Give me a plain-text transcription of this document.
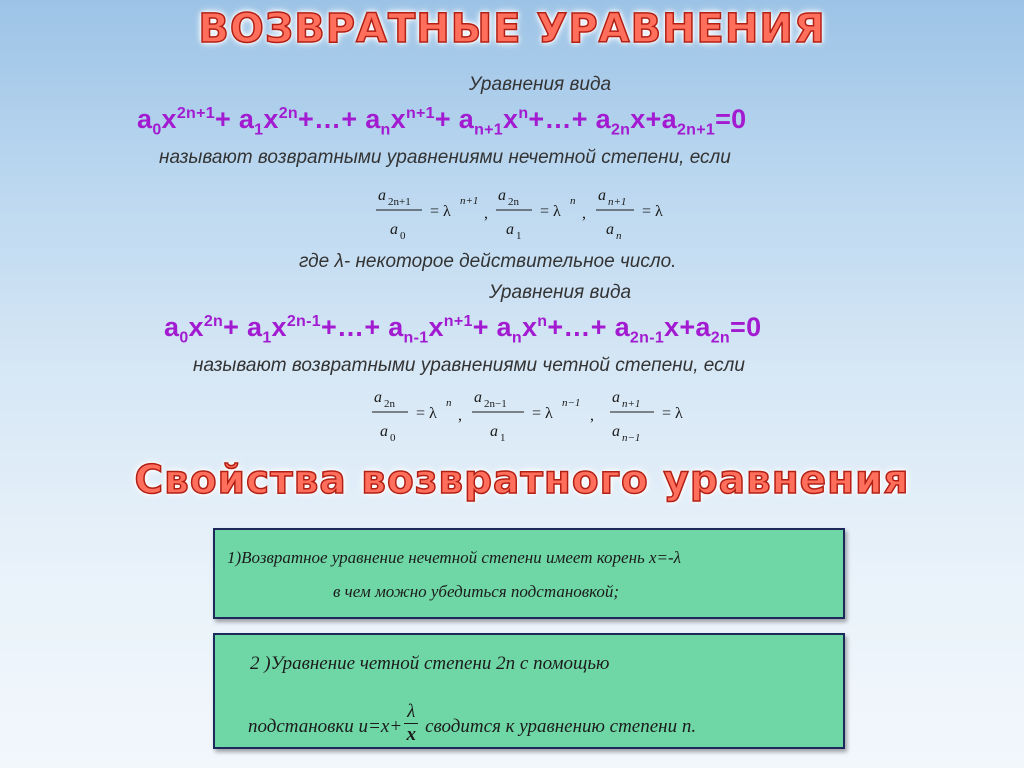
ВОЗВРАТНЫЕ УРАВНЕНИЯ
Уравнения вида
$a_0x^{2n+1}+$ $a_1x^{2n}+\dots+ a_nx^{n+1}+$ $a_{n+1}x^n+\dots+ a_{2n}x+a_{2n+1}=0$
называют возвратными уравнениями нечетной степени, если
a 2n+1
a 0
= λ
n+1
,
a 2n
a 1
= λ
n
,
a n+1
a n
= λ
где λ- некоторое действительное число.
Уравнения вида
$a_0x^{2n}+$ $a_1x^{2n-1}+\dots+ a_{n-1}x^{n+1}+$ $a_nx^n+\dots+ a_{2n-1}x+a_{2n}=0$
называют возвратными уравнениями четной степени, если
a 2n
a 0
= λ
n
,
a 2n−1
a 1
= λ
n−1
,
a n+1
a n−1
= λ
Свойства возвратного уравнения
1)Возвратное уравнение нечетной степени имеет корень x=-λ
в чем можно убедиться подстановкой;
2 )Уравнение четной степени 2n с помощью
подстановки $u=x+ \frac{\lambda}{x}$ сводится к уравнению степени n.
